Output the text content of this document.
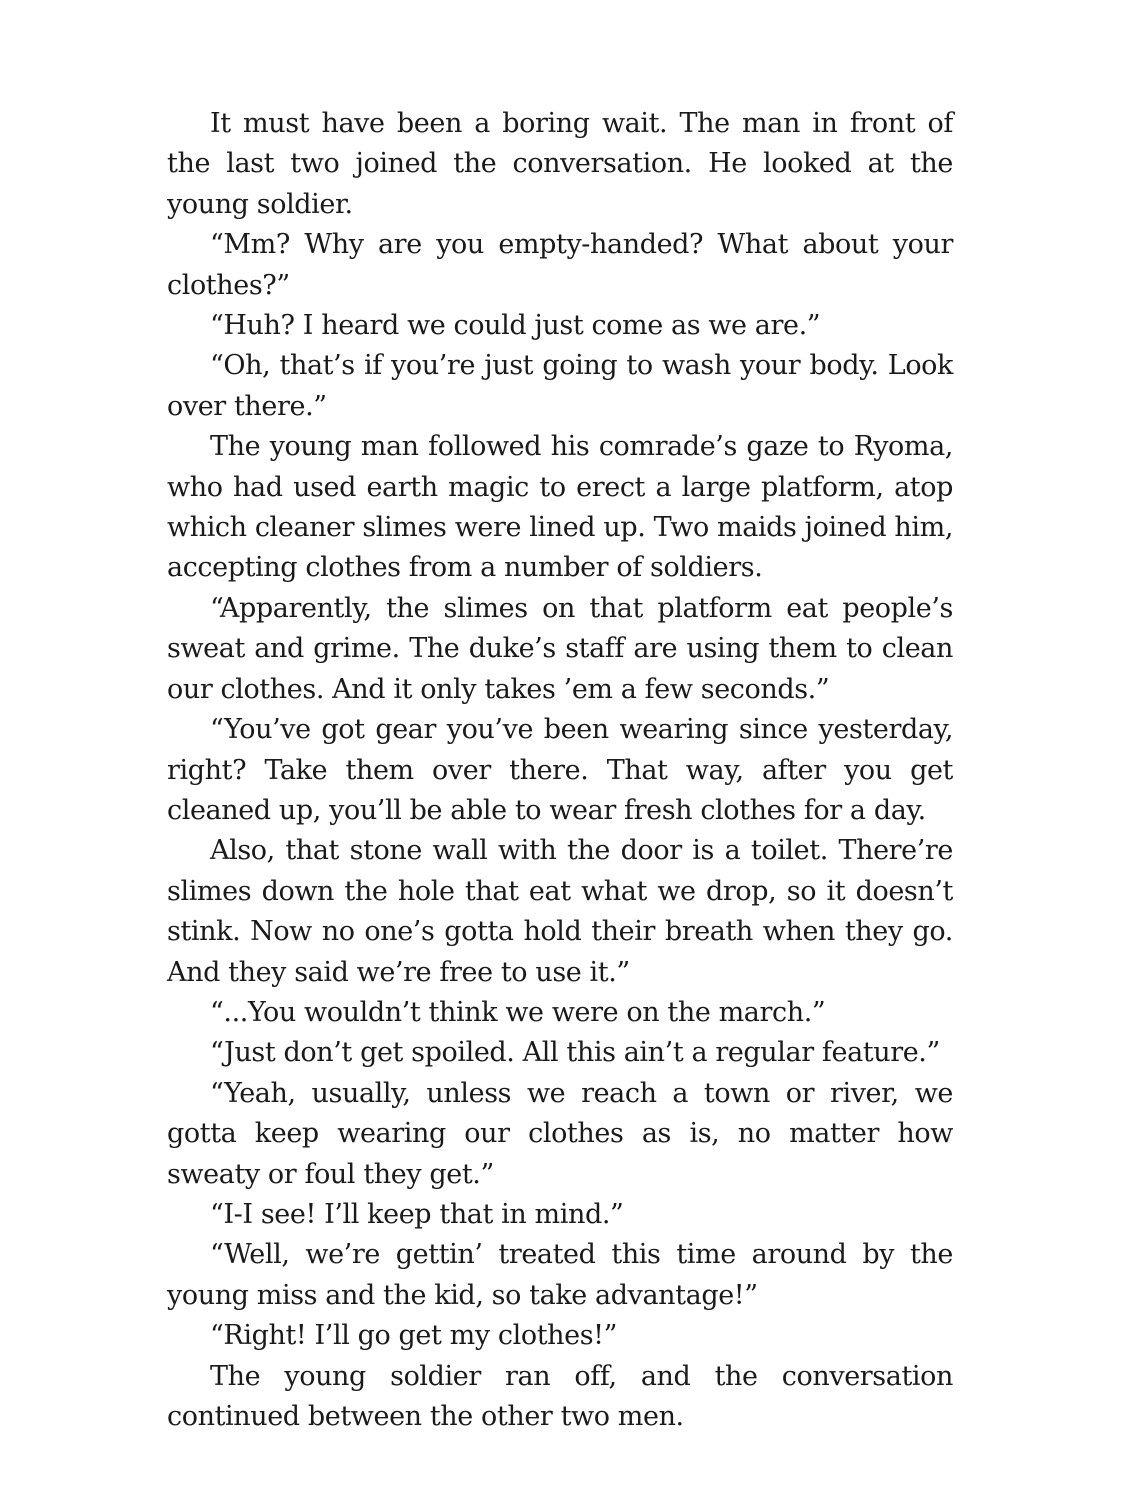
It must have been a boring wait. The man in front of the last two joined the conversation. He looked at the young soldier.

“Mm? Why are you empty-handed? What about your clothes?”

“Huh? I heard we could just come as we are.”

“Oh, that’s if you’re just going to wash your body. Look over there.”

The young man followed his comrade’s gaze to Ryoma, who had used earth magic to erect a large platform, atop which cleaner slimes were lined up. Two maids joined him, accepting clothes from a number of soldiers.

“Apparently, the slimes on that platform eat people’s sweat and grime. The duke’s staff are using them to clean our clothes. And it only takes ’em a few seconds.”

“You’ve got gear you’ve been wearing since yesterday, right? Take them over there. That way, after you get cleaned up, you’ll be able to wear fresh clothes for a day.

Also, that stone wall with the door is a toilet. There’re slimes down the hole that eat what we drop, so it doesn’t stink. Now no one’s gotta hold their breath when they go. And they said we’re free to use it.”

“...You wouldn’t think we were on the march.”

“Just don’t get spoiled. All this ain’t a regular feature.”

“Yeah, usually, unless we reach a town or river, we gotta keep wearing our clothes as is, no matter how sweaty or foul they get.”

“I-I see! I’ll keep that in mind.”

“Well, we’re gettin’ treated this time around by the young miss and the kid, so take advantage!”

“Right! I’ll go get my clothes!”

The young soldier ran off, and the conversation continued between the other two men.
